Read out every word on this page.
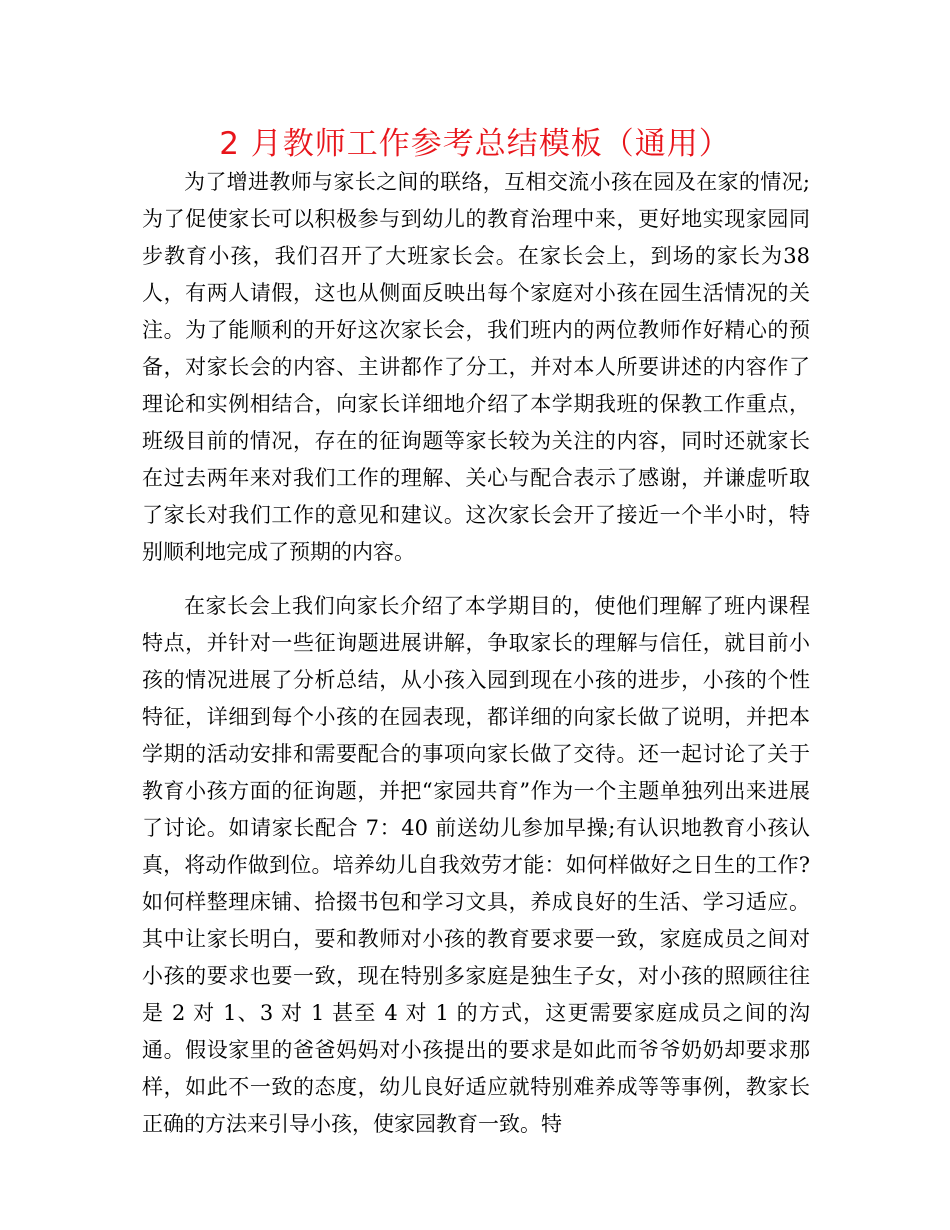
2 月教师工作参考总结模板（通用）

为了增进教师与家长之间的联络，互相交流小孩在园及在家的情况;为了促使家长可以积极参与到幼儿的教育治理中来，更好地实现家园同步教育小孩，我们召开了大班家长会。在家长会上，到场的家长为38人，有两人请假，这也从侧面反映出每个家庭对小孩在园生活情况的关注。为了能顺利的开好这次家长会，我们班内的两位教师作好精心的预备，对家长会的内容、主讲都作了分工，并对本人所要讲述的内容作了理论和实例相结合，向家长详细地介绍了本学期我班的保教工作重点，班级目前的情况，存在的征询题等家长较为关注的内容，同时还就家长在过去两年来对我们工作的理解、关心与配合表示了感谢，并谦虚听取了家长对我们工作的意见和建议。这次家长会开了接近一个半小时，特别顺利地完成了预期的内容。

在家长会上我们向家长介绍了本学期目的，使他们理解了班内课程特点，并针对一些征询题进展讲解，争取家长的理解与信任，就目前小孩的情况进展了分析总结，从小孩入园到现在小孩的进步，小孩的个性特征，详细到每个小孩的在园表现，都详细的向家长做了说明，并把本学期的活动安排和需要配合的事项向家长做了交待。还一起讨论了关于教育小孩方面的征询题，并把“家园共育”作为一个主题单独列出来进展了讨论。如请家长配合 7：40 前送幼儿参加早操;有认识地教育小孩认真，将动作做到位。培养幼儿自我效劳才能：如何样做好之日生的工作?如何样整理床铺、拾掇书包和学习文具，养成良好的生活、学习适应。其中让家长明白，要和教师对小孩的教育要求要一致，家庭成员之间对小孩的要求也要一致，现在特别多家庭是独生子女，对小孩的照顾往往是 2 对 1、3 对 1 甚至 4 对 1 的方式，这更需要家庭成员之间的沟通。假设家里的爸爸妈妈对小孩提出的要求是如此而爷爷奶奶却要求那样，如此不一致的态度，幼儿良好适应就特别难养成等等事例，教家长正确的方法来引导小孩，使家园教育一致。特
